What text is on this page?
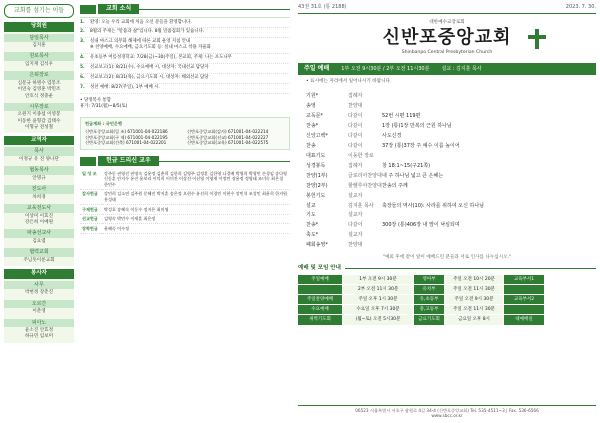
교회를 섬기는 이들
당회원
담임목사
김지훈
원로목사
임지재 김석우
은퇴장로
심문규 하병수 염봉조
이연숙 김영훈 박민조
안호식 정충운
시무장로
오원기 이종섭 이영봉
이동한 윤형갑 김태수
이형규 전성철
교역자
목사
이정규 유 진 양나단
협동목사
안명규
전도사
차희경
교육전도사
이상미 이효진
강은희 이예원
파송선교사
김요엽
협력교회
주님뜻이룬교회
봉사자
사무
박현정 장춘진
오르간
이춘영
피아노
윤소진 안효정
하규민 임보미
교회 소식
1.	환영: 오늘 우리 교회에 처음 오신 분들을 환영합니다.
2.	8월의 주제는 "말씀과 삶"입니다. 8월 말씀집회가 있습니다.
3.	실내 마스크 의무화 해제에 따른 교회 운영 지침 안내
※ 찬양예배, 수요예배, 금요기도회 등: 실내 마스크 착용 자율화
4.	유초등부 여름성경학교: 7/28(금)~30(주일), 본교회, 주제: 나는 포도나무
5.	선교보고(1): 8/21(수), 수요예배 시, 대상자: 국내선교 담당자
6.	선교보고(2): 8/31(목), 금요기도회 시, 대상자: 해외선교 담당
7.	성찬 예배: 8/27(주일), 1부 예배 시.
• 당정복사 통합
휴가: 7/31(월)~8/5(토)
헌금계좌 : 국민은행
신반포중앙교회(일 조) 671001-04-022186	신반포중앙교회(감사) 671001-04-022214
신반포중앙교회(구 제) 671001-04-022195	신반포중앙교회(선교) 671001-04-022227
신반포중앙교회(건축) 671001-04-022201	신반포중앙교회(교육) 671001-04-022575
헌금 드리신 교우
일 성 조	강주동 권영진 권명숙 김윤정 김춘희 김한희 김영주 김정훈 김한영 나경배 박영희 박형민 손경임 송다영 신동훈 안지수 유진 윤보라 이덕희 이미진 이상선 이선영 이영재 이정민 장윤정 정영태 조미숙 최은경 한민수
감사헌금	강민희 김소연 김주원 문혜진 박지훈 송은정 오현수 유선희 이경민 이현수 장민석 조성민 최윤희 한지원 홍성태
구제헌금	박성호 송혜숙 이동수 정지은 최미영
선교헌금	김영숙 박민수 이재훈 최은정
장학헌금	윤혜숙 이수정
43권 31호 (통 2188)	2023. 7. 30.
대한예수교장로회
신반포중앙교회
Shinbanpo Central Presbyterian Church
주일 예배	1부 오전 9시30분 / 2부 오전 11시30분	설교 : 김지훈 목사
• 표시에는 자리에서 일어나시기 바랍니다.
기원*	집례자
송영	찬양대
교독문*	다같이	52번 시편 119편
찬송*	다같이	1장 (통)1장 만복의 근원 하나님
신앙고백*	다같이	사도신경
찬송	다같이	37장 (통)37장 주 예수 이름 높이어
대표기도	이동한 장로
성경봉독	집례자	창 18:1~15(구21쪽)
찬양(1부)	글로리아찬양대 내 주 하나님 넓고 큰 은혜는
찬양(2부)	할렐루야찬양대 찬송의 주께
봉헌기도	설교자
설교	김지훈 목사	축장들의 역사(10): 사라를 위하여 오신 하나님
기도	설교자
찬송*	다같이	300장 (통)406장 내 맘이 낙심되며
축도*	설교자
폐회송영*	찬양대
"예외 후에 같이 앞이 예배드린 분들과 서로 인사를 나누십시오."
예배 및 모임 안내
주일예배	1부 오전 9시 30분	영아부	주일 오전 10시 20분	교육부서1
2부 오전 11시 30분	유치부	주일 오전 11시 30분
주일찬양예배	주일 오후 1시 30분	유,초등부	주일 오전 9시 30분	교육부서2
수요예배	수요일 오후 7시 30분	중,고등부	주일 오전 11시 30분
새벽기도회	(월~토) 오전 5시30분	금요기도회	금요일 오후 8시	대예배실
06523 서울특별시 서초구 잠원로 4길 34-4 (신반포중앙교회) Tel. 535-4511~3 | Fax. 536-6566
www.sbcc.or.kr
